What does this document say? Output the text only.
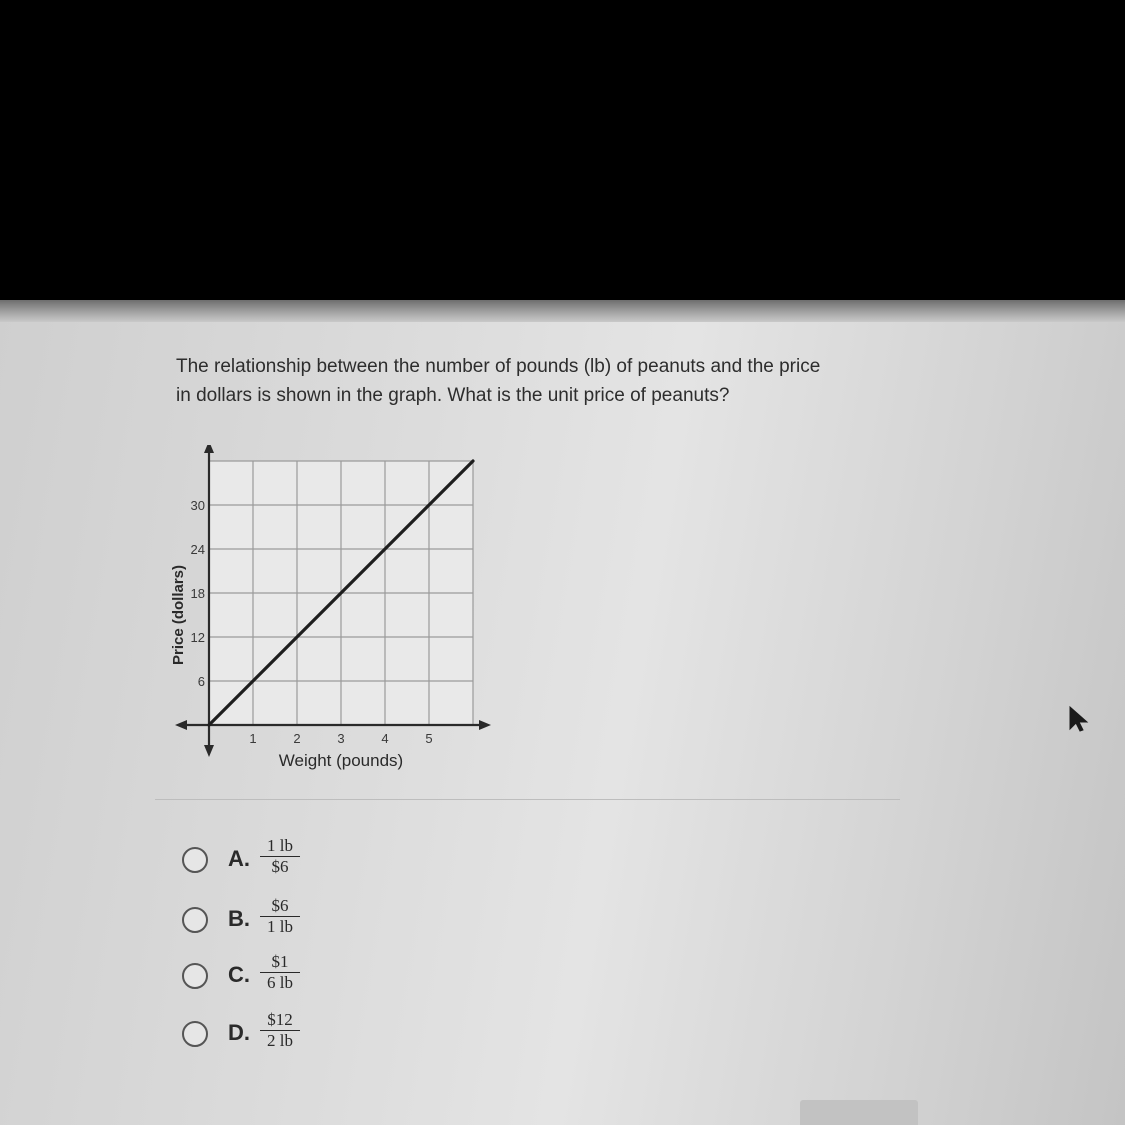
The relationship between the number of pounds (lb) of peanuts and the price
in dollars is shown in the graph. What is the unit price of peanuts?
6
12
18
24
30
1	2	3	4	5
Weight (pounds)
Price (dollars)
A. $\frac{1 lb}{\$6}$
B. $\frac{\$6}{1 lb}$
C. $\frac{\$1}{6 lb}$
D. $\frac{\$12}{2 lb}$
